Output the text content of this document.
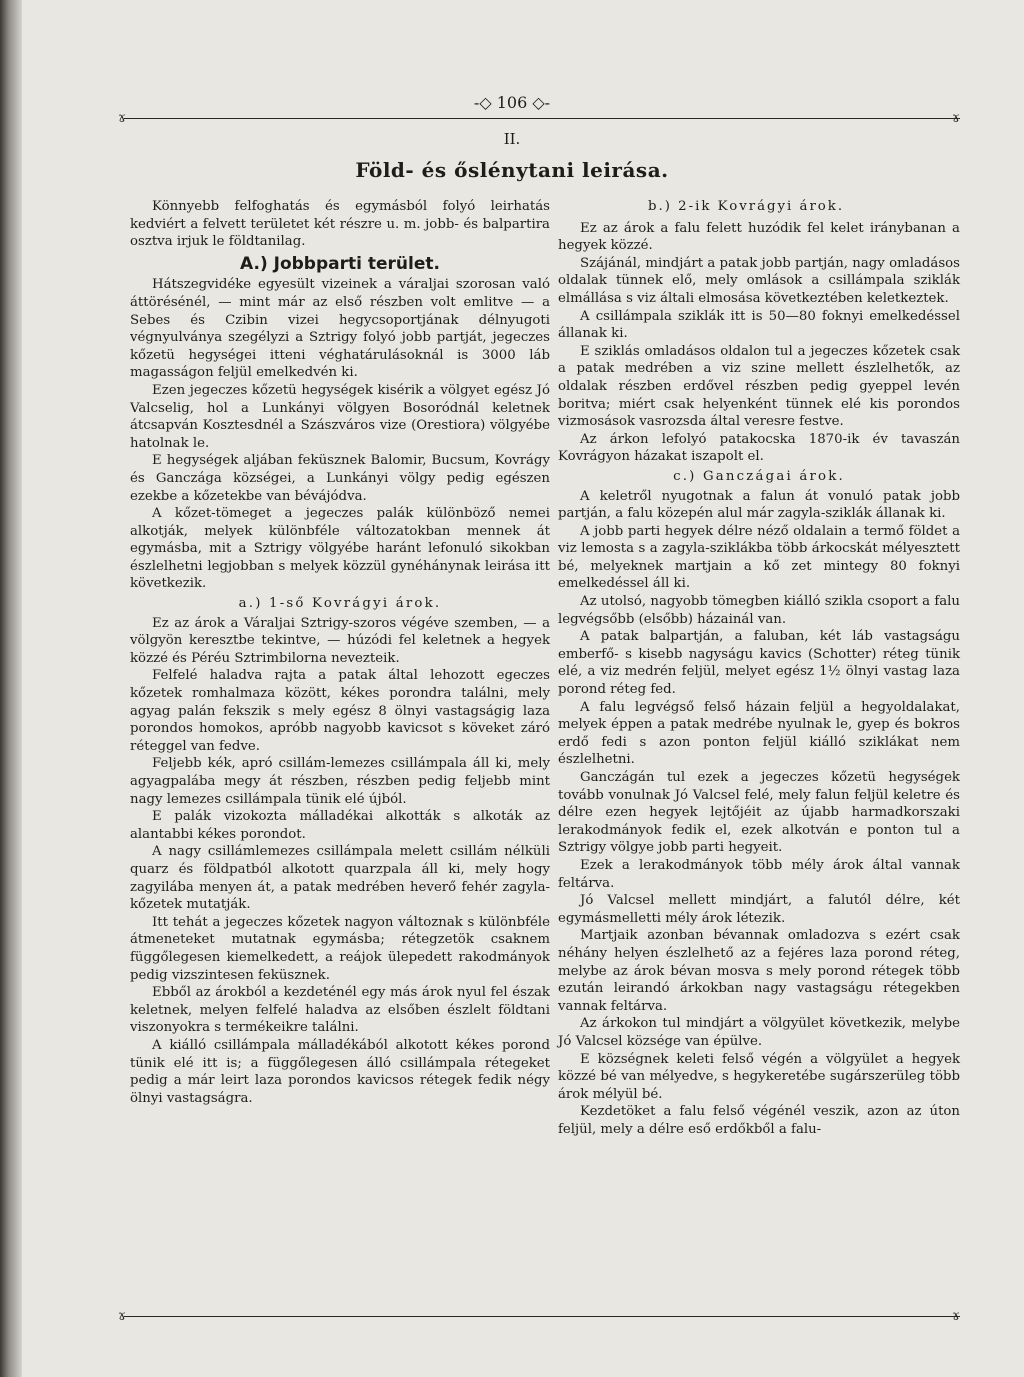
-◇ 106 ◇-
ɤ	ɤ
II.
Föld- és őslénytani leirása.

Könnyebb felfoghatás és egymásból folyó leirhatás kedviért a felvett területet két részre u. m. jobb- és balpartira osztva irjuk le földtanilag.

A.) Jobbparti terület.

Hátszegvidéke egyesült vizeinek a váraljai szorosan való áttörésénél, — mint már az első részben volt emlitve — a Sebes és Czibin vizei hegycsoportjának délnyugoti végnyulványa szegélyzi a Sztrigy folyó jobb partját, jegeczes kőzetü hegységei itteni véghatárulásoknál is 3000 láb magasságon feljül emelkedvén ki.

Ezen jegeczes kőzetü hegységek kisérik a völgyet egész Jó Valcselig, hol a Lunkányi völgyen Bosoródnál keletnek átcsapván Kosztesdnél a Szászváros vize (Orestiora) völgyébe hatolnak le.

E hegységek aljában feküsznek Balomir, Bucsum, Kovrágy és Ganczága községei, a Lunkányi völgy pedig egészen ezekbe a kőzetekbe van bévájódva.

A kőzet-tömeget a jegeczes palák különböző nemei alkotják, melyek különbféle változatokban mennek át egymásba, mit a Sztrigy völgyébe haránt lefonuló sikokban észlelhetni legjobban s melyek közzül gynéhánynak leirása itt következik.

a.) 1-ső Kovrágyi árok.

Ez az árok a Váraljai Sztrigy-szoros végéve szemben, — a völgyön keresztbe tekintve, — húzódi fel keletnek a hegyek közzé és Péréu Sztrimbilorna nevezteik.

Felfelé haladva rajta a patak által lehozott egeczes kőzetek romhalmaza között, kékes porondra találni, mely agyag palán fekszik s mely egész 8 ölnyi vastagságig laza porondos homokos, apróbb nagyobb kavicsot s köveket záró réteggel van fedve.

Feljebb kék, apró csillám-lemezes csillámpala áll ki, mely agyagpalába megy át részben, részben pedig feljebb mint nagy lemezes csillámpala tünik elé újból.

E palák vizokozta málladékai alkották s alkoták az alantabbi kékes porondot.

A nagy csillámlemezes csillámpala melett csillám nélküli quarz és földpatból alkotott quarzpala áll ki, mely hogy zagyilába menyen át, a patak medrében heverő fehér zagyla-kőzetek mutatják.

Itt tehát a jegeczes kőzetek nagyon változnak s különbféle átmeneteket mutatnak egymásba; rétegzetök csaknem függőlegesen kiemelkedett, a reájok ülepedett rakodmányok pedig vizszintesen feküsznek.

Ebből az árokból a kezdeténél egy más árok nyul fel észak keletnek, melyen felfelé haladva az elsőben észlelt földtani viszonyokra s termékeikre találni.

A kiálló csillámpala málladékából alkotott kékes porond tünik elé itt is; a függőlegesen álló csillámpala rétegeket pedig a már leirt laza porondos kavicsos rétegek fedik négy ölnyi vastagságra.

b.) 2-ik Kovrágyi árok.

Ez az árok a falu felett huzódik fel kelet iránybanan a hegyek közzé.

Szájánál, mindjárt a patak jobb partján, nagy omladásos oldalak tünnek elő, mely omlások a csillámpala sziklák elmállása s viz általi elmosása következtében keletkeztek.

A csillámpala sziklák itt is 50—80 foknyi emelkedéssel állanak ki.

E sziklás omladásos oldalon tul a jegeczes kőzetek csak a patak medrében a viz szine mellett észlelhetők, az oldalak részben erdővel részben pedig gyeppel levén boritva; miért csak helyenként tünnek elé kis porondos vizmosások vasrozsda által veresre festve.

Az árkon lefolyó patakocska 1870-ik év tavaszán Kovrágyon házakat iszapolt el.

c.) Ganczágai árok.

A keletről nyugotnak a falun át vonuló patak jobb partján, a falu közepén alul már zagyla-sziklák állanak ki.

A jobb parti hegyek délre néző oldalain a termő földet a viz lemosta s a zagyla-sziklákba több árkocskát mélyesztett bé, melyeknek martjain a kő zet mintegy 80 foknyi emelkedéssel áll ki.

Az utolsó, nagyobb tömegben kiálló szikla csoport a falu legvégsőbb (elsőbb) házainál van.

A patak balpartján, a faluban, két láb vastagságu emberfő- s kisebb nagyságu kavics (Schotter) réteg tünik elé, a viz medrén feljül, melyet egész 1½ ölnyi vastag laza porond réteg fed.

A falu legvégső felső házain feljül a hegyoldalakat, melyek éppen a patak medrébe nyulnak le, gyep és bokros erdő fedi s azon ponton feljül kiálló sziklákat nem észlelhetni.

Ganczágán tul ezek a jegeczes kőzetü hegységek tovább vonulnak Jó Valcsel felé, mely falun feljül keletre és délre ezen hegyek lejtőjéit az újabb harmadkorszaki lerakodmányok fedik el, ezek alkotván e ponton tul a Sztrigy völgye jobb parti hegyeit.

Ezek a lerakodmányok több mély árok által vannak feltárva.

Jó Valcsel mellett mindjárt, a falutól délre, két egymásmelletti mély árok létezik.

Martjaik azonban bévannak omladozva s ezért csak néhány helyen észlelhető az a fejéres laza porond réteg, melybe az árok bévan mosva s mely porond rétegek több ezután leirandó árkokban nagy vastagságu rétegekben vannak feltárva.

Az árkokon tul mindjárt a völgyület következik, melybe Jó Valcsel községe van épülve.

E községnek keleti felső végén a völgyület a hegyek közzé bé van mélyedve, s hegykeretébe sugárszerüleg több árok mélyül bé.

Kezdetöket a falu felső végénél veszik, azon az úton feljül, mely a délre eső erdőkből a falu-

ɤ	ɤ
